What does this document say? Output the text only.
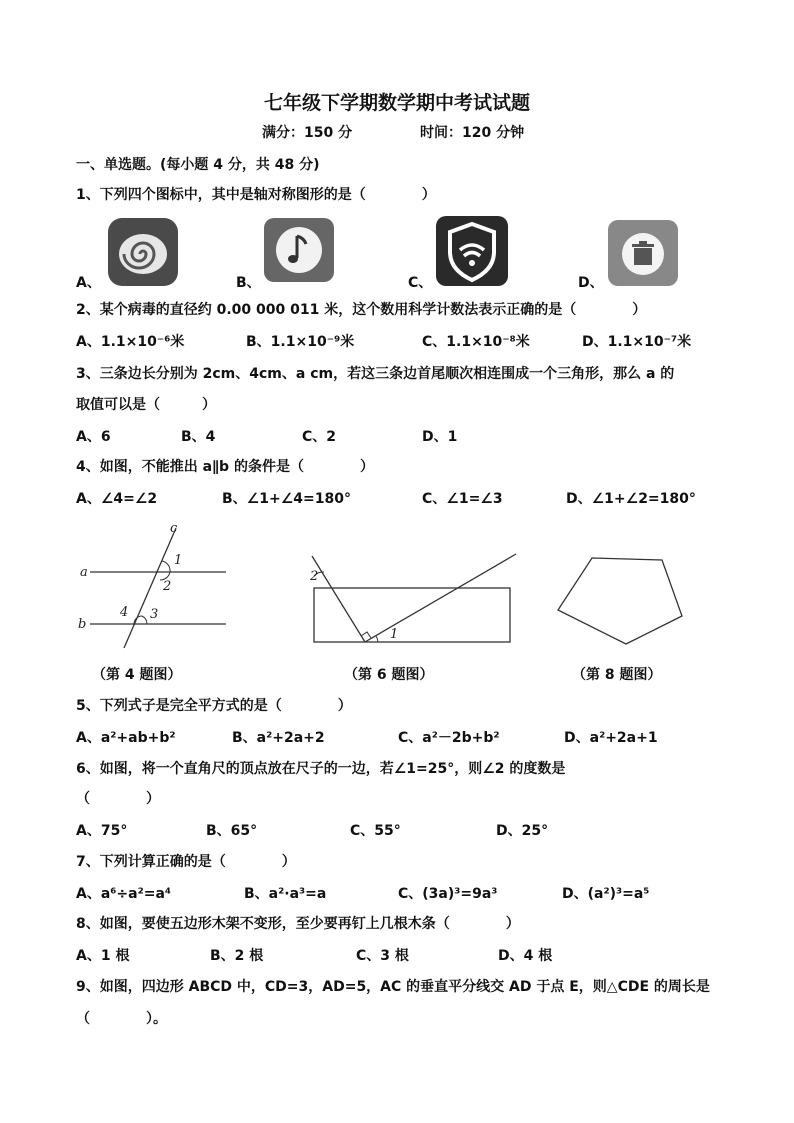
七年级下学期数学期中考试试题
满分：150 分	时间：120 分钟
一、单选题。(每小题 4 分，共 48 分)
1、下列四个图标中，其中是轴对称图形的是（　　　　）
A、	B、	C、	D、
2、某个病毒的直径约 0.00 000 011 米，这个数用科学计数法表示正确的是（　　　　）
A、1.1×10⁻⁶米	B、1.1×10⁻⁹米	C、1.1×10⁻⁸米	D、1.1×10⁻⁷米
3、三条边长分别为 2cm、4cm、a cm，若这三条边首尾顺次相连围成一个三角形，那么 a 的
取值可以是（　　　）
A、6	B、4	C、2	D、1
4、如图，不能推出 a∥b 的条件是（　　　　）
A、∠4=∠2	B、∠1+∠4=180°	C、∠1=∠3	D、∠1+∠2=180°
a
b
c
1
2
3
4
（第 4 题图）
2
1
（第 6 题图）	（第 8 题图）
5、下列式子是完全平方式的是（　　　　）
A、a²+ab+b²	B、a²+2a+2	C、a²－2b+b²	D、a²+2a+1
6、如图，将一个直角尺的顶点放在尺子的一边，若∠1=25°，则∠2 的度数是
（　　　　）
A、75°	B、65°	C、55°	D、25°
7、下列计算正确的是（　　　　）
A、a⁶÷a²=a⁴	B、a²·a³=a	C、(3a)³=9a³	D、(a²)³=a⁵
8、如图，要使五边形木架不变形，至少要再钉上几根木条（　　　　）
A、1 根	B、2 根	C、3 根	D、4 根
9、如图，四边形 ABCD 中，CD=3，AD=5，AC 的垂直平分线交 AD 于点 E，则△CDE 的周长是
（　　　　）。
